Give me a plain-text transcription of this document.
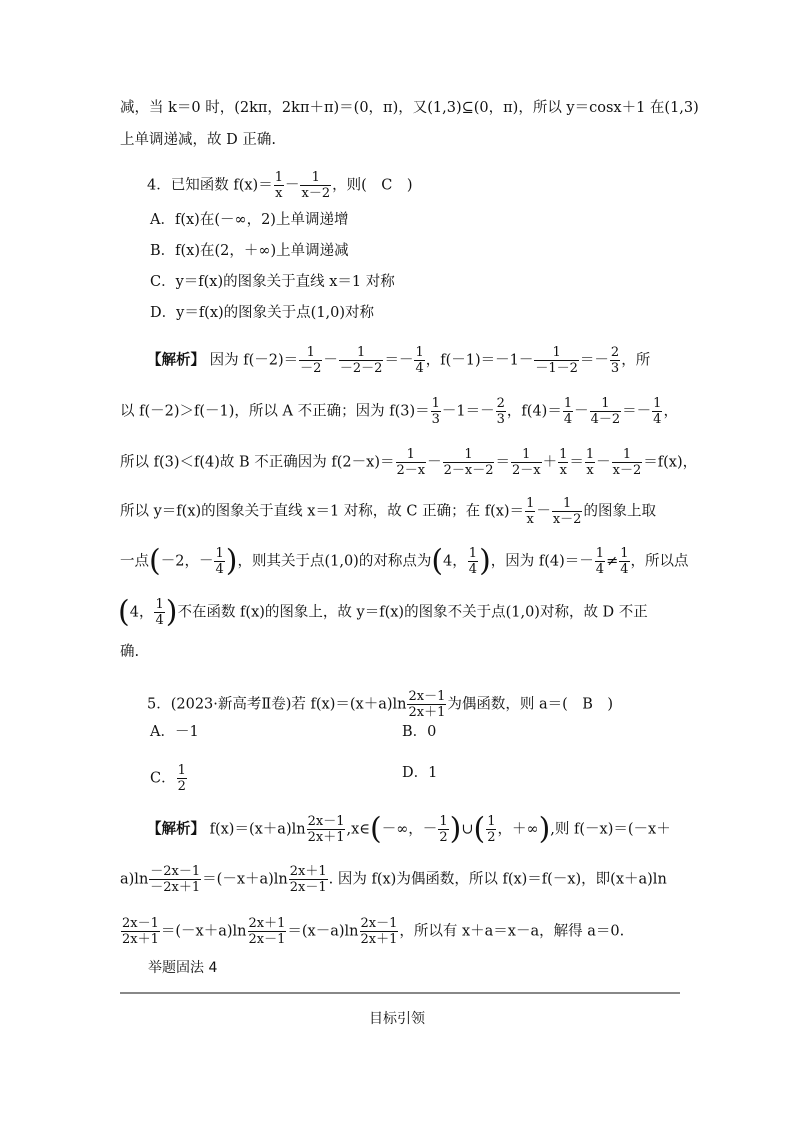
减，当 k＝0 时，(2kπ，2kπ＋π)＝(0，π)，又(1,3)⊆(0，π)，所以 y＝cosx＋1 在(1,3)
上单调递减，故 D 正确.
4．已知函数 $f(x)= \frac{1}{x} - \frac{1}{x-2}$ ，则(　C　)
A．f(x)在(－∞，2)上单调递增
B．f(x)在(2，＋∞)上单调递减
C．y＝f(x)的图象关于直线 x＝1 对称
D．y＝f(x)的图象关于点(1,0)对称
【解析】 因为 $f(-2)= \frac{1}{-2} - \frac{1}{-2-2} =- \frac{1}{4}$ ，$f(-1)=-1- \frac{1}{-1-2} =- \frac{2}{3}$ ，所
以 f(－2)＞f(－1)，所以 A 不正确；因为 $f(3)= \frac{1}{3} -1=- \frac{2}{3}$ ，$f(4)= \frac{1}{4} - \frac{1}{4-2} =- \frac{1}{4}$ ，
所以 f(3)＜f(4)故 B 不正确因为 $f(2-x)= \frac{1}{2-x} - \frac{1}{2-x-2} = \frac{1}{2-x} + \frac{1}{x} = \frac{1}{x} - \frac{1}{x-2} =f(x)$，
所以 y＝f(x)的图象关于直线 x＝1 对称，故 C 正确；在 $f(x)= \frac{1}{x} - \frac{1}{x-2}$ 的图象上取
一点(－2，－ $\frac{1}{4}$ )，则其关于点(1,0)的对称点为(4， $\frac{1}{4}$ )，因为 $f(4)=- \frac{1}{4} \ne \frac{1}{4}$ ，所以点
(4， $\frac{1}{4}$ )不在函数 f(x)的图象上，故 y＝f(x)的图象不关于点(1,0)对称，故 D 不正
确.
5．(2023·新高考Ⅱ卷)若 $f(x)=(x+a)\ln \frac{2x-1}{2x+1}$ 为偶函数，则 a＝(　B　)
A．－1	B．0
C． $\frac{1}{2}$	D．1
【解析】 $f(x)=(x+a)\ln \frac{2x-1}{2x+1}$ ,x∈(－∞，－ $\frac{1}{2}$ )∪( $\frac{1}{2}$ ，＋∞),则 f(－x)＝(－x＋
$a)\ln \frac{-2x-1}{-2x+1} =(-x+a)\ln \frac{2x+1}{2x-1}$ . 因为 f(x)为偶函数，所以 f(x)＝f(－x)，即(x＋a)ln
$\frac{2x-1}{2x+1} =(-x+a)\ln \frac{2x+1}{2x-1} =(x-a)\ln \frac{2x-1}{2x+1}$ ，所以有 x＋a＝x－a，解得 a＝0.
举题固法 4
目标引领
